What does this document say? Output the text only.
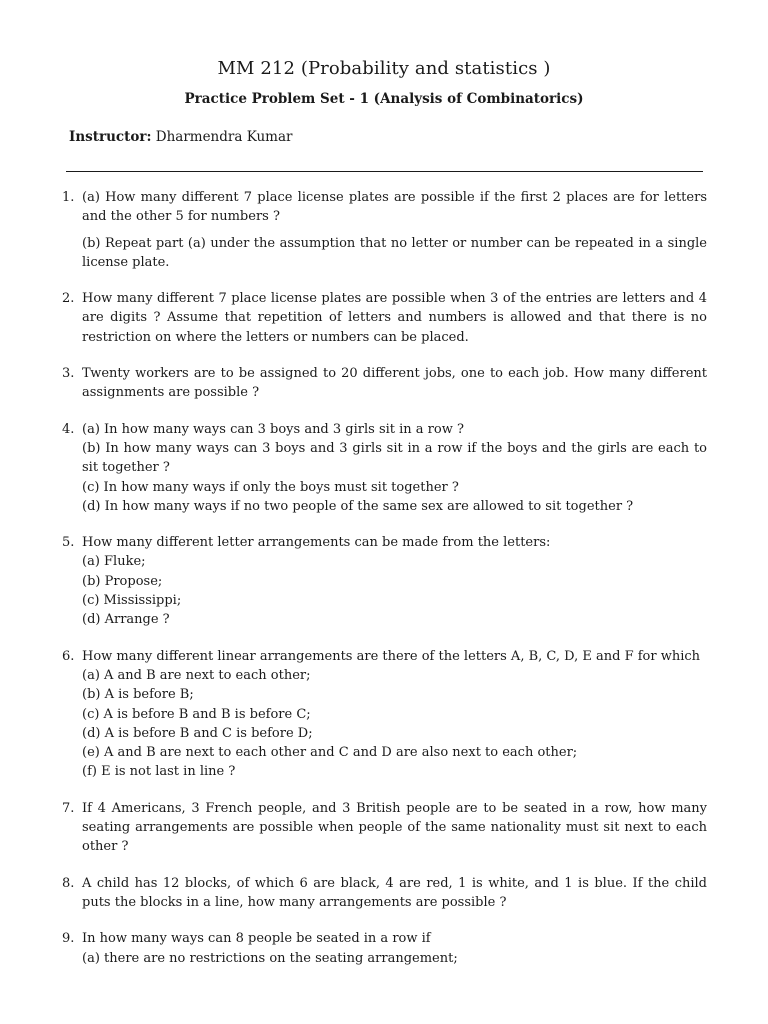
MM 212 (Probability and statistics )
Practice Problem Set - 1 (Analysis of Combinatorics)
Instructor: Dharmendra Kumar
1. (a) How many different 7 place license plates are possible if the first 2 places are for letters and the other 5 for numbers ?

(b) Repeat part (a) under the assumption that no letter or number can be repeated in a single license plate.

2. How many different 7 place license plates are possible when 3 of the entries are letters and 4 are digits ? Assume that repetition of letters and numbers is allowed and that there is no restriction on where the letters or numbers can be placed.

3. Twenty workers are to be assigned to 20 different jobs, one to each job. How many different assignments are possible ?

4. (a) In how many ways can 3 boys and 3 girls sit in a row ?
(b) In how many ways can 3 boys and 3 girls sit in a row if the boys and the girls are each to sit together ?
(c) In how many ways if only the boys must sit together ?
(d) In how many ways if no two people of the same sex are allowed to sit together ?
5. How many different letter arrangements can be made from the letters:
(a) Fluke;
(b) Propose;
(c) Mississippi;
(d) Arrange ?
6. How many different linear arrangements are there of the letters A, B, C, D, E and F for which
(a) A and B are next to each other;
(b) A is before B;
(c) A is before B and B is before C;
(d) A is before B and C is before D;
(e) A and B are next to each other and C and D are also next to each other;
(f) E is not last in line ?
7. If 4 Americans, 3 French people, and 3 British people are to be seated in a row, how many seating arrangements are possible when people of the same nationality must sit next to each other ?

8. A child has 12 blocks, of which 6 are black, 4 are red, 1 is white, and 1 is blue. If the child puts the blocks in a line, how many arrangements are possible ?

9. In how many ways can 8 people be seated in a row if
(a) there are no restrictions on the seating arrangement;
